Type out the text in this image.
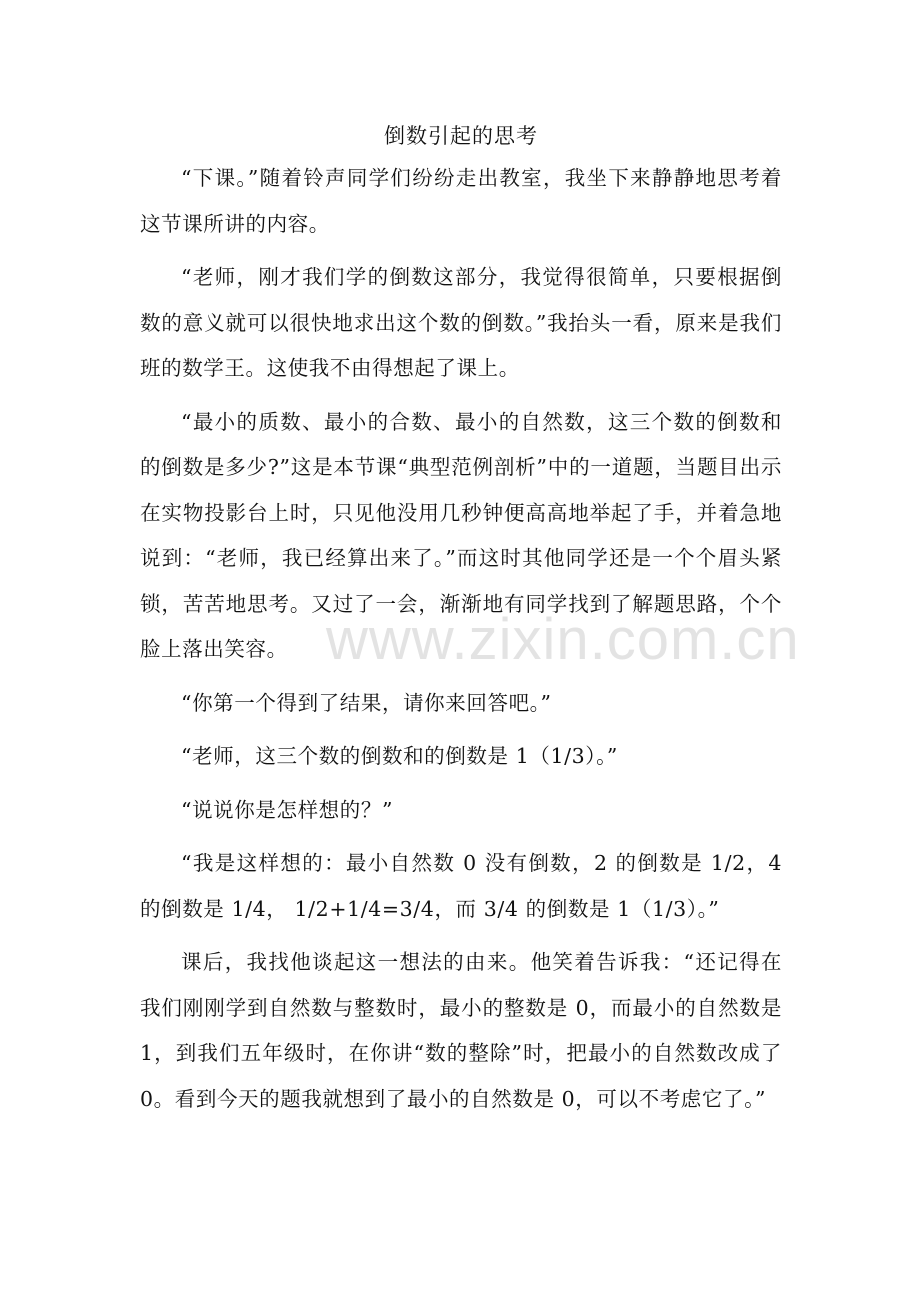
倒数引起的思考

“下课。”随着铃声同学们纷纷走出教室，我坐下来静静地思考着这节课所讲的内容。

“老师，刚才我们学的倒数这部分，我觉得很简单，只要根据倒数的意义就可以很快地求出这个数的倒数。”我抬头一看，原来是我们班的数学王。这使我不由得想起了课上。

“最小的质数、最小的合数、最小的自然数，这三个数的倒数和的倒数是多少?”这是本节课“典型范例剖析”中的一道题，当题目出示在实物投影台上时，只见他没用几秒钟便高高地举起了手，并着急地说到：“老师，我已经算出来了。”而这时其他同学还是一个个眉头紧锁，苦苦地思考。又过了一会，渐渐地有同学找到了解题思路，个个脸上落出笑容。

“你第一个得到了结果，请你来回答吧。”

“老师，这三个数的倒数和的倒数是 1（1/3）。”

“说说你是怎样想的？”

“我是这样想的：最小自然数 0 没有倒数，2 的倒数是 1/2，4 的倒数是 1/4， 1/2+1/4=3/4，而 3/4 的倒数是 1（1/3）。”

课后，我找他谈起这一想法的由来。他笑着告诉我：“还记得在我们刚刚学到自然数与整数时，最小的整数是 0，而最小的自然数是 1，到我们五年级时，在你讲“数的整除”时，把最小的自然数改成了 0。看到今天的题我就想到了最小的自然数是 0，可以不考虑它了。”

www.zixin.com.cn
